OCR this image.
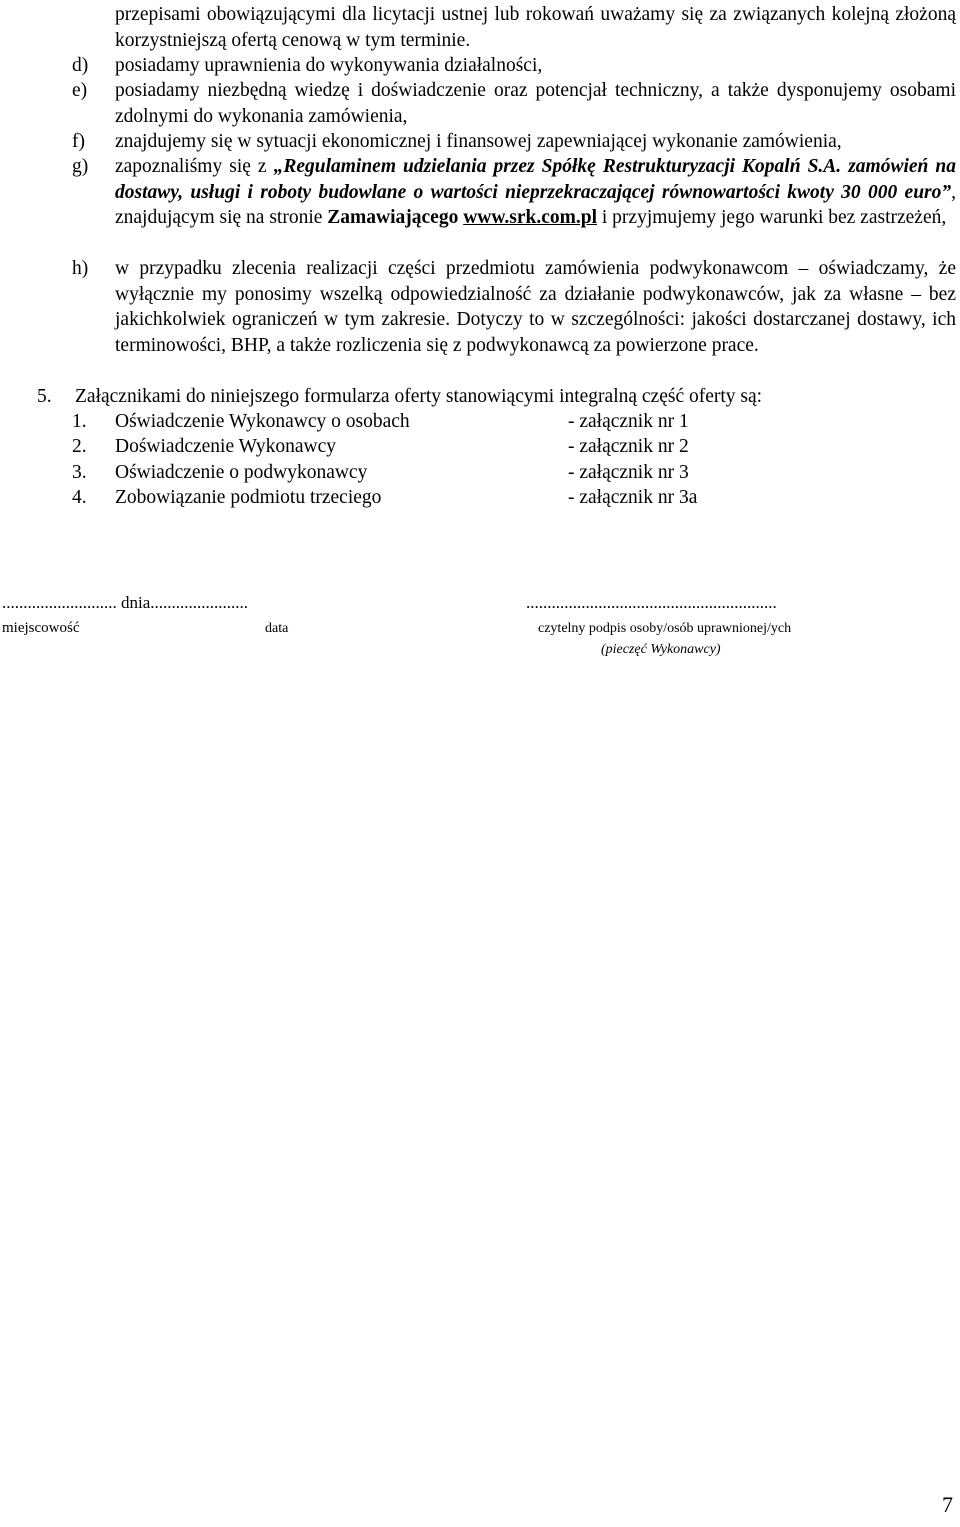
przepisami obowiązującymi dla licytacji ustnej lub rokowań uważamy się za związanych kolejną złożoną korzystniejszą ofertą cenową w tym terminie.
d)	posiadamy uprawnienia do wykonywania działalności,
e)	posiadamy niezbędną wiedzę i doświadczenie oraz potencjał techniczny, a także dysponujemy osobami zdolnymi do wykonania zamówienia,
f)	znajdujemy się w sytuacji ekonomicznej i finansowej zapewniającej wykonanie zamówienia,
g)	zapoznaliśmy się z „Regulaminem udzielania przez Spółkę Restrukturyzacji Kopalń S.A. zamówień na dostawy, usługi i roboty budowlane o wartości nieprzekraczającej równowartości kwoty 30 000 euro”, znajdującym się na stronie Zamawiającego www.srk.com.pl i przyjmujemy jego warunki bez zastrzeżeń,
h)	w przypadku zlecenia realizacji części przedmiotu zamówienia podwykonawcom – oświadczamy, że wyłącznie my ponosimy wszelką odpowiedzialność za działanie podwykonawców, jak za własne – bez jakichkolwiek ograniczeń w tym zakresie. Dotyczy to w szczególności: jakości dostarczanej dostawy, ich terminowości, BHP, a także rozliczenia się z podwykonawcą za powierzone prace.
5. Załącznikami do niniejszego formularza oferty stanowiącymi integralną część oferty są:
1.	Oświadczenie Wykonawcy o osobach	- załącznik nr 1
2.	Doświadczenie Wykonawcy	- załącznik nr 2
3.	Oświadczenie o podwykonawcy	- załącznik nr 3
4.	Zobowiązanie podmiotu trzeciego	- załącznik nr 3a
........................... dnia.......................	...........................................................
miejscowość	data	czytelny podpis osoby/osób uprawnionej/ych
(pieczęć Wykonawcy)
7
